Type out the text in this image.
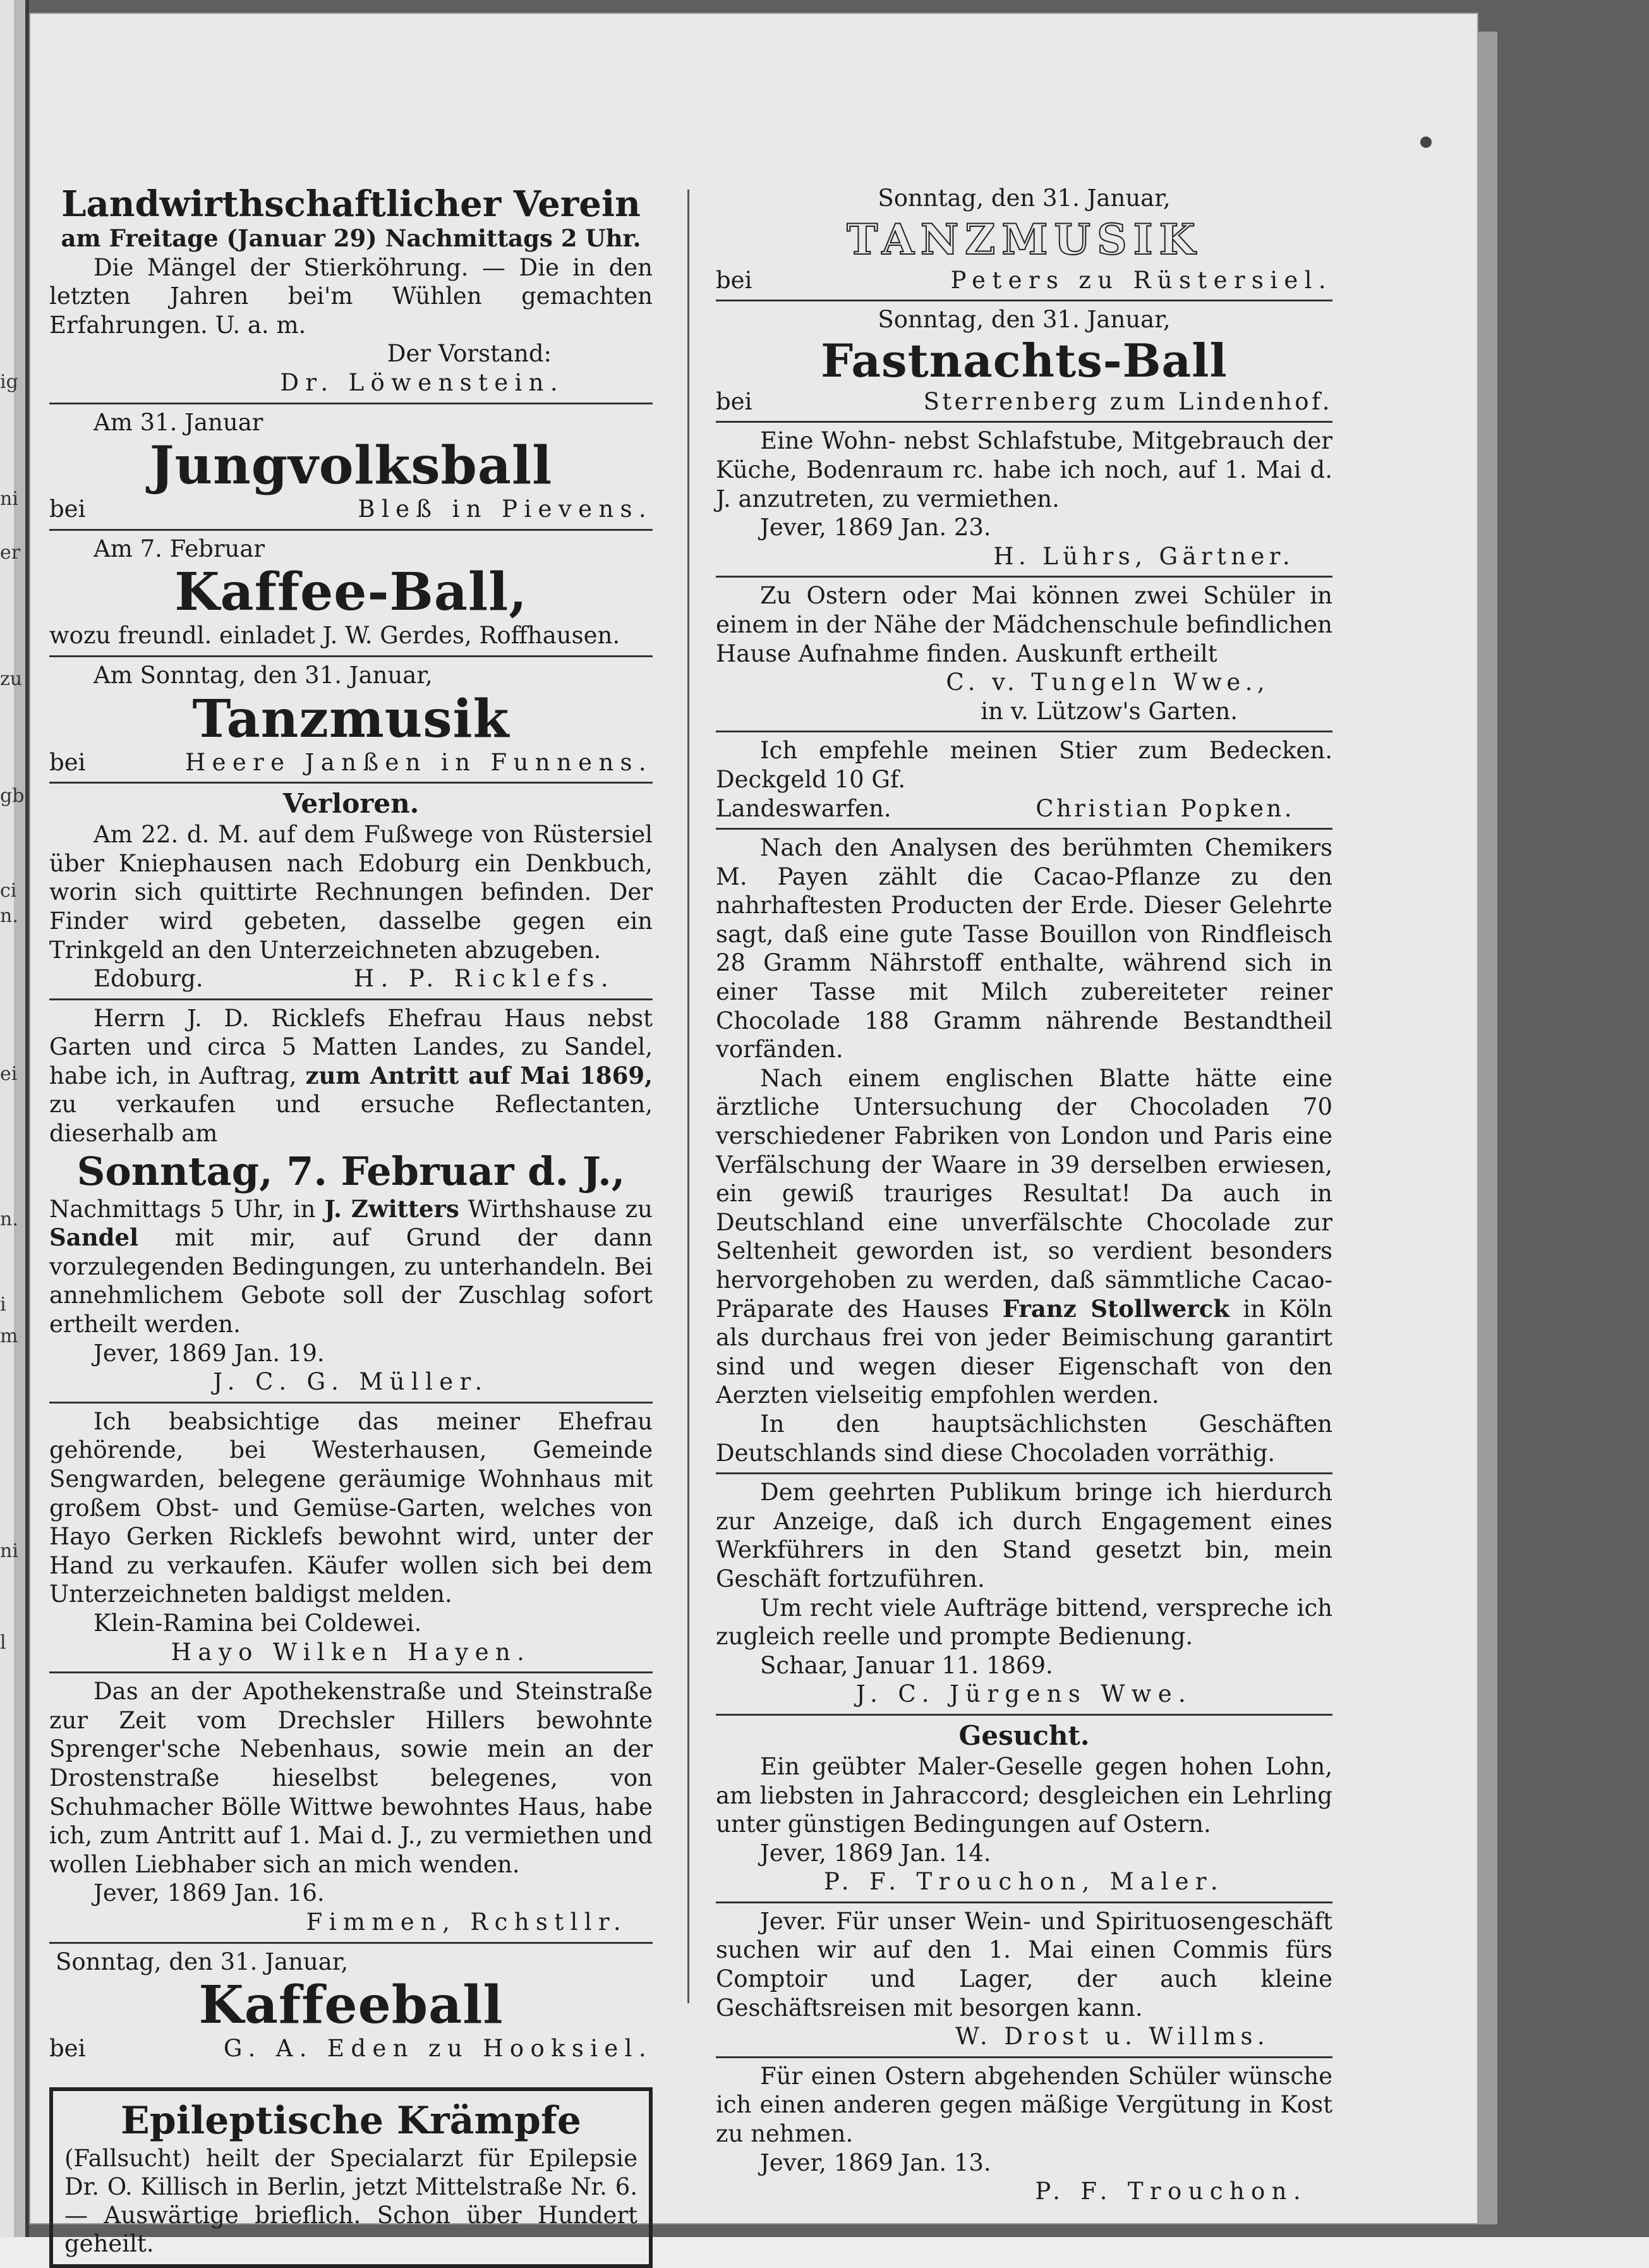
ig
ni
er
zu
gb
ci
n.
ei
n.
i
m
ni
l
Landwirthschaftlicher Verein

am Freitage (Januar 29) Nachmittags 2 Uhr.

Die Mängel der Stierköhrung. — Die in den letzten Jahren bei'm Wühlen gemachten Erfahrungen. U. a. m.

Der Vorstand:

Dr. Löwenstein.

Am 31. Januar

Jungvolksball
bei	Bleß in Pievens.

Am 7. Februar

Kaffee-Ball,

wozu freundl. einladet J. W. Gerdes, Roffhausen.

Am Sonntag, den 31. Januar,

Tanzmusik
bei	Heere Janßen in Funnens.
Verloren.

Am 22. d. M. auf dem Fußwege von Rüstersiel über Kniephausen nach Edoburg ein Denkbuch, worin sich quittirte Rechnungen befinden. Der Finder wird gebeten, dasselbe gegen ein Trinkgeld an den Unterzeichneten abzugeben.

Edoburg.	H. P. Ricklefs.

Herrn J. D. Ricklefs Ehefrau Haus nebst Garten und circa 5 Matten Landes, zu Sandel, habe ich, in Auftrag, zum Antritt auf Mai 1869, zu verkaufen und ersuche Reflectanten, dieserhalb am

Sonntag, 7. Februar d. J.,

Nachmittags 5 Uhr, in J. Zwitters Wirthshause zu Sandel mit mir, auf Grund der dann vorzulegenden Bedingungen, zu unterhandeln. Bei annehmlichem Gebote soll der Zuschlag sofort ertheilt werden.

Jever, 1869 Jan. 19.

J. C. G. Müller.

Ich beabsichtige das meiner Ehefrau gehörende, bei Westerhausen, Gemeinde Sengwarden, belegene geräumige Wohnhaus mit großem Obst- und Gemüse-Garten, welches von Hayo Gerken Ricklefs bewohnt wird, unter der Hand zu verkaufen. Käufer wollen sich bei dem Unterzeichneten baldigst melden.

Klein-Ramina bei Coldewei.

Hayo Wilken Hayen.

Das an der Apothekenstraße und Steinstraße zur Zeit vom Drechsler Hillers bewohnte Sprenger'sche Nebenhaus, sowie mein an der Drostenstraße hieselbst belegenes, von Schuhmacher Bölle Wittwe bewohntes Haus, habe ich, zum Antritt auf 1. Mai d. J., zu vermiethen und wollen Liebhaber sich an mich wenden.

Jever, 1869 Jan. 16.

Fimmen, Rchstllr.

Sonntag, den 31. Januar,

Kaffeeball
bei	G. A. Eden zu Hooksiel.
Epileptische Krämpfe

(Fallsucht) heilt der Specialarzt für Epilepsie Dr. O. Killisch in Berlin, jetzt Mittelstraße Nr. 6. — Auswärtige brieflich. Schon über Hundert geheilt.

Sonntag, den 31. Januar,

TANZMUSIK
bei	Peters zu Rüstersiel.

Sonntag, den 31. Januar,

Fastnachts-Ball
bei	Sterrenberg zum Lindenhof.

Eine Wohn- nebst Schlafstube, Mitgebrauch der Küche, Bodenraum rc. habe ich noch, auf 1. Mai d. J. anzutreten, zu vermiethen.

Jever, 1869 Jan. 23.

H. Lührs, Gärtner.

Zu Ostern oder Mai können zwei Schüler in einem in der Nähe der Mädchenschule befindlichen Hause Aufnahme finden. Auskunft ertheilt

C. v. Tungeln Wwe.,

in v. Lützow's Garten.

Ich empfehle meinen Stier zum Bedecken. Deckgeld 10 Gf.

Landeswarfen.	Christian Popken.

Nach den Analysen des berühmten Chemikers M. Payen zählt die Cacao-Pflanze zu den nahrhaftesten Producten der Erde. Dieser Gelehrte sagt, daß eine gute Tasse Bouillon von Rindfleisch 28 Gramm Nährstoff enthalte, während sich in einer Tasse mit Milch zubereiteter reiner Chocolade 188 Gramm nährende Bestandtheil vorfänden.

Nach einem englischen Blatte hätte eine ärztliche Untersuchung der Chocoladen 70 verschiedener Fabriken von London und Paris eine Verfälschung der Waare in 39 derselben erwiesen, ein gewiß trauriges Resultat! Da auch in Deutschland eine unverfälschte Chocolade zur Seltenheit geworden ist, so verdient besonders hervorgehoben zu werden, daß sämmtliche Cacao-Präparate des Hauses Franz Stollwerck in Köln als durchaus frei von jeder Beimischung garantirt sind und wegen dieser Eigenschaft von den Aerzten vielseitig empfohlen werden.

In den hauptsächlichsten Geschäften Deutschlands sind diese Chocoladen vorräthig.

Dem geehrten Publikum bringe ich hierdurch zur Anzeige, daß ich durch Engagement eines Werkführers in den Stand gesetzt bin, mein Geschäft fortzuführen.

Um recht viele Aufträge bittend, verspreche ich zugleich reelle und prompte Bedienung.

Schaar, Januar 11. 1869.

J. C. Jürgens Wwe.

Gesucht.

Ein geübter Maler-Geselle gegen hohen Lohn, am liebsten in Jahraccord; desgleichen ein Lehrling unter günstigen Bedingungen auf Ostern.

Jever, 1869 Jan. 14.

P. F. Trouchon, Maler.

Jever. Für unser Wein- und Spirituosengeschäft suchen wir auf den 1. Mai einen Commis fürs Comptoir und Lager, der auch kleine Geschäftsreisen mit besorgen kann.

W. Drost u. Willms.

Für einen Ostern abgehenden Schüler wünsche ich einen anderen gegen mäßige Vergütung in Kost zu nehmen.

Jever, 1869 Jan. 13.

P. F. Trouchon.
